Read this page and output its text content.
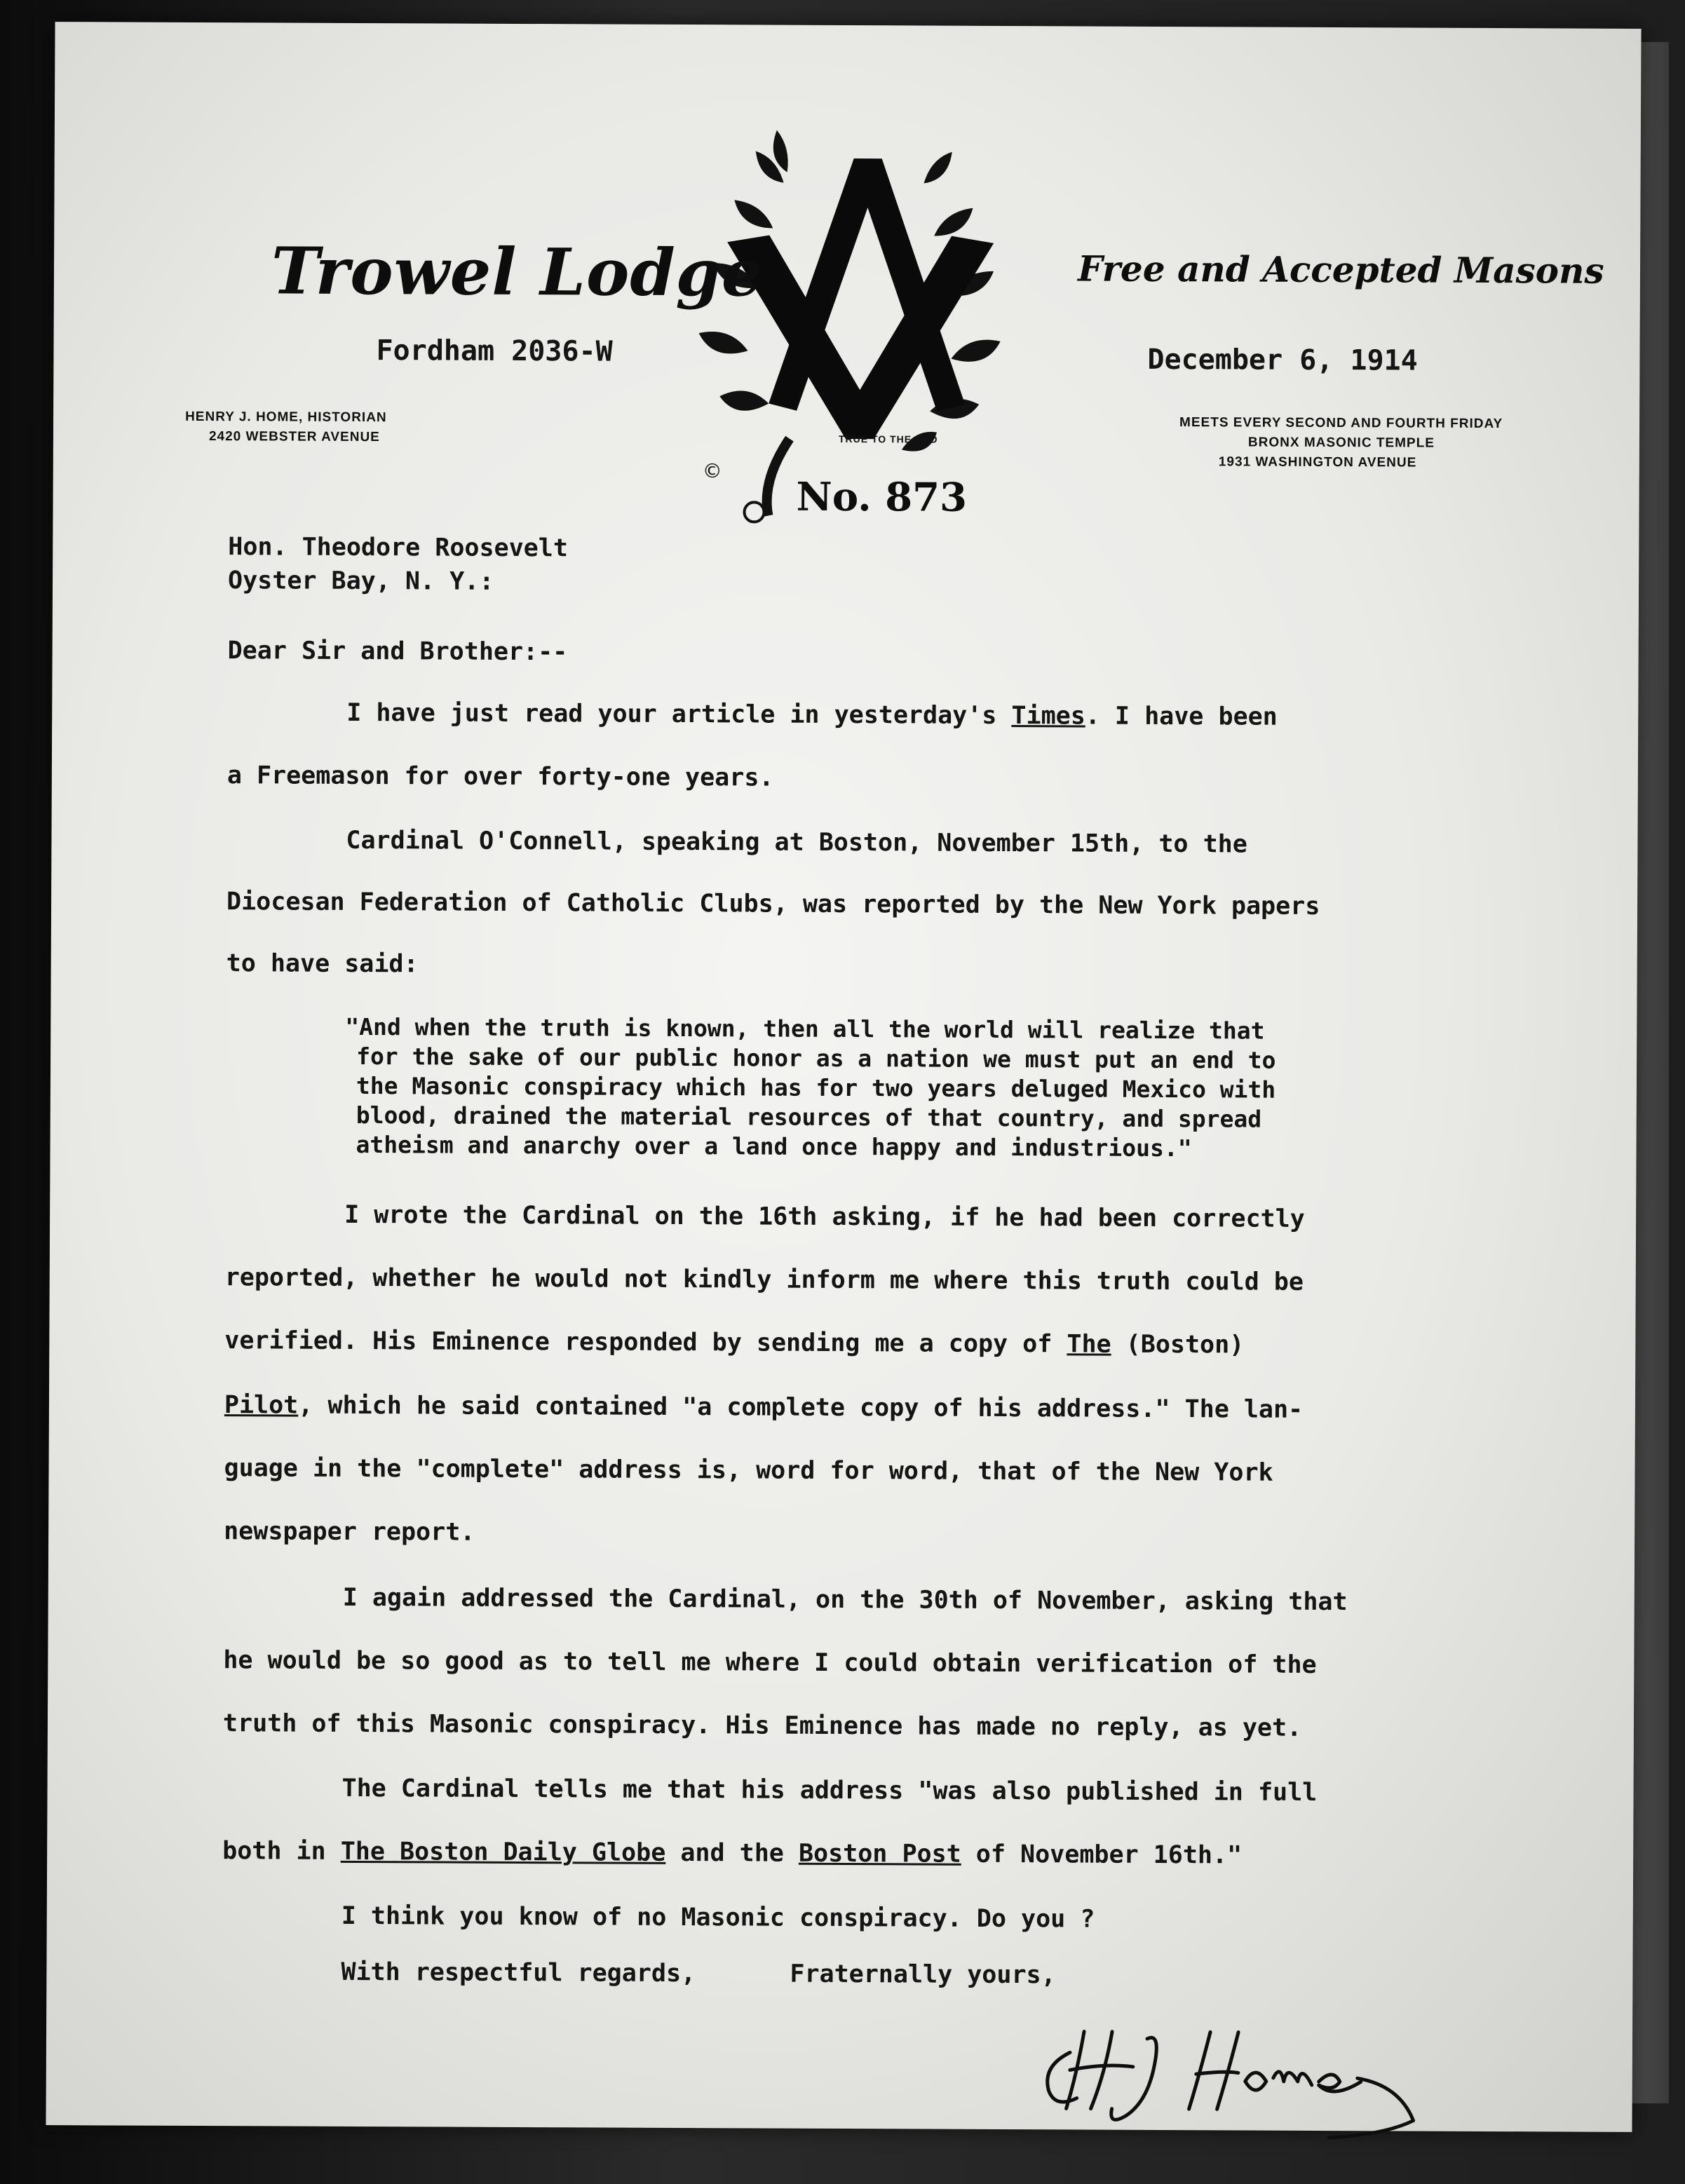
TRUE TO THE END
©
Trowel Lodge	Free and Accepted Masons
Fordham 2036-W	December 6, 1914
HENRY J. HOME, HISTORIAN
2420 WEBSTER AVENUE
MEETS EVERY SECOND AND FOURTH FRIDAY
BRONX MASONIC TEMPLE
1931 WASHINGTON AVENUE
No. 873
Hon. Theodore Roosevelt
Oyster Bay, N. Y.:
Dear Sir and Brother:--
I have just read your article in yesterday's Times. I have been
a Freemason for over forty-one years.
Cardinal O'Connell, speaking at Boston, November 15th, to the
Diocesan Federation of Catholic Clubs, was reported by the New York papers
to have said:
"And when the truth is known, then all the world will realize that
for the sake of our public honor as a nation we must put an end to
the Masonic conspiracy which has for two years deluged Mexico with
blood, drained the material resources of that country, and spread
atheism and anarchy over a land once happy and industrious."
I wrote the Cardinal on the 16th asking, if he had been correctly
reported, whether he would not kindly inform me where this truth could be
verified. His Eminence responded by sending me a copy of The (Boston)
Pilot, which he said contained "a complete copy of his address." The lan-
guage in the "complete" address is, word for word, that of the New York
newspaper report.
I again addressed the Cardinal, on the 30th of November, asking that
he would be so good as to tell me where I could obtain verification of the
truth of this Masonic conspiracy. His Eminence has made no reply, as yet.
The Cardinal tells me that his address "was also published in full
both in The Boston Daily Globe and the Boston Post of November 16th."
I think you know of no Masonic conspiracy. Do you ?
With respectful regards,	Fraternally yours,
